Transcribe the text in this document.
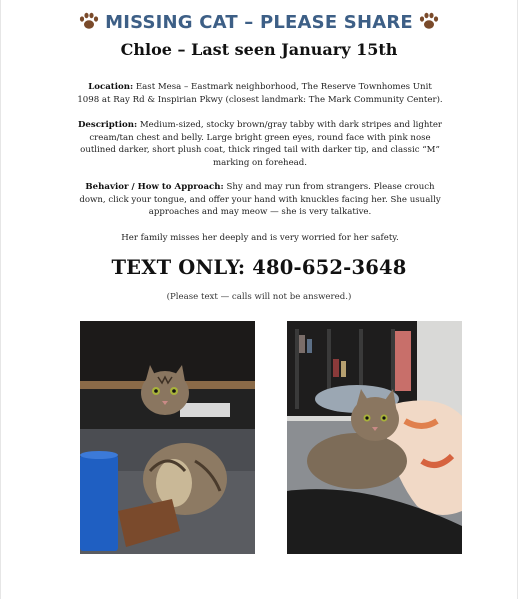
MISSING CAT – PLEASE SHARE
Chloe – Last seen January 15th
Location: East Mesa – Eastmark neighborhood, The Reserve Townhomes Unit 1098 at Ray Rd & Inspirian Pkwy (closest landmark: The Mark Community Center).
Description: Medium-sized, stocky brown/gray tabby with dark stripes and lighter cream/tan chest and belly. Large bright green eyes, round face with pink nose outlined darker, short plush coat, thick ringed tail with darker tip, and classic “M” marking on forehead.
Behavior / How to Approach: Shy and may run from strangers. Please crouch down, click your tongue, and offer your hand with knuckles facing her. She usually approaches and may meow — she is very talkative.
Her family misses her deeply and is very worried for her safety.
TEXT ONLY: 480-652-3648
(Please text — calls will not be answered.)
